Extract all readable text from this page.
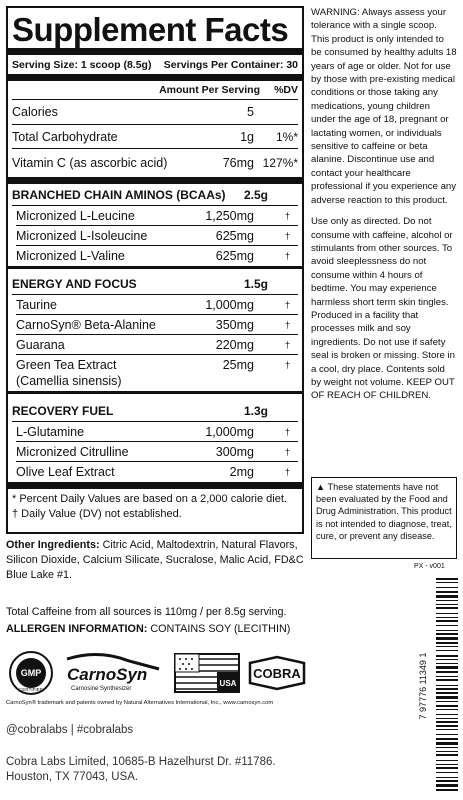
Supplement Facts
Serving Size: 1 scoop (8.5g) Servings Per Container: 30
Amount Per Serving	%DV
Calories	5
Total Carbohydrate	1g	1%*
Vitamin C (as ascorbic acid)	76mg 127%*
BRANCHED CHAIN AMINOS (BCAAs)	2.5g
Micronized L-Leucine	1,250mg	†
Micronized L-Isoleucine	625mg	†
Micronized L-Valine	625mg	†
ENERGY AND FOCUS	1.5g
Taurine	1,000mg	†
CarnoSyn® Beta-Alanine	350mg	†
Guarana	220mg	†
Green Tea Extract
(Camellia sinensis)
25mg	†
RECOVERY FUEL	1.3g
L-Glutamine	1,000mg	†
Micronized Citrulline	300mg	†
Olive Leaf Extract	2mg	†
* Percent Daily Values are based on a 2,000 calorie diet.
† Daily Value (DV) not established.

WARNING: Always assess your tolerance with a single scoop. This product is only intended to be consumed by healthy adults 18 years of age or older. Not for use by those with pre-existing medical conditions or those taking any medications, young children under the age of 18, pregnant or lactating women, or individuals sensitive to caffeine or beta alanine. Discontinue use and contact your healthcare professional if you experience any adverse reaction to this product.

Use only as directed. Do not consume with caffeine, alcohol or stimulants from other sources. To avoid sleeplessness do not consume within 4 hours of bedtime. You may experience harmless short term skin tingles. Produced in a facility that processes milk and soy ingredients. Do not use if safety seal is broken or missing. Store in a cool, dry place. Contents sold by weight not volume. KEEP OUT OF REACH OF CHILDREN.

▲ These statements have not been evaluated by the Food and Drug Administration. This product is not intended to diagnose, treat, cure, or prevent any disease.
PX - v001
Other Ingredients: Citric Acid, Maltodextrin, Natural Flavors, Silicon Dioxide, Calcium Silicate, Sucralose, Malic Acid, FD&C Blue Lake #1.
Total Caffeine from all sources is 110mg / per 8.5g serving.
ALLERGEN INFORMATION: CONTAINS SOY (LECITHIN)
GMP
CERTIFIED
CarnoSyn
Carnosine Synthesizer
USA
COBRA
CarnoSyn® trademark and patents owned by Natural Alternatives International, Inc., www.carnosyn.com
@cobralabs | #cobralabs
Cobra Labs Limited, 10685-B Hazelhurst Dr. #11786.
Houston, TX 77043, USA.
7 97776 11349 1
